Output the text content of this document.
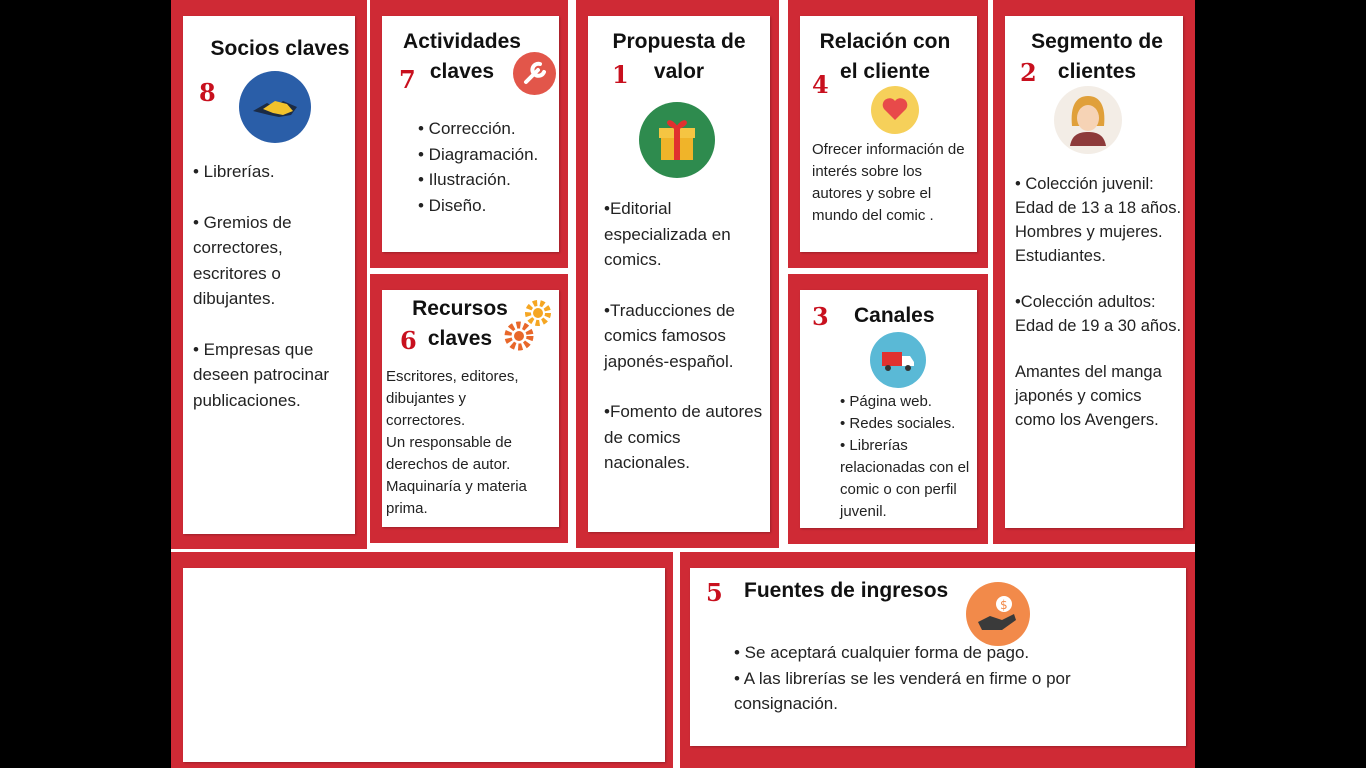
Socios claves
8
• Librerías.
• Gremios de correctores, escritores o dibujantes.
• Empresas que deseen patrocinar publicaciones.
Actividades
claves
7
• Corrección.
• Diagramación.
• Ilustración.
• Diseño.
Recursos
claves
6
Escritores, editores, dibujantes y correctores.
Un responsable de derechos de autor.
Maquinaría y materia prima.
Propuesta de
valor
1
•Editorial especializada en comics.
•Traducciones de comics famosos japonés-español.
•Fomento de autores de comics nacionales.
Relación con
el cliente
4
Ofrecer información de interés sobre los autores y sobre el mundo del comic .
Canales
3
• Página web.
• Redes sociales.
• Librerías relacionadas con el comic o con perfil juvenil.
Segmento de
clientes
2
• Colección juvenil: Edad de 13 a 18 años.
Hombres y mujeres. Estudiantes.
•Colección adultos: Edad de 19 a 30 años.
Amantes del manga japonés y comics como los Avengers.
5 Fuentes de ingresos
$
• Se aceptará cualquier forma de pago.
• A las librerías se les venderá en firme o por consignación.
